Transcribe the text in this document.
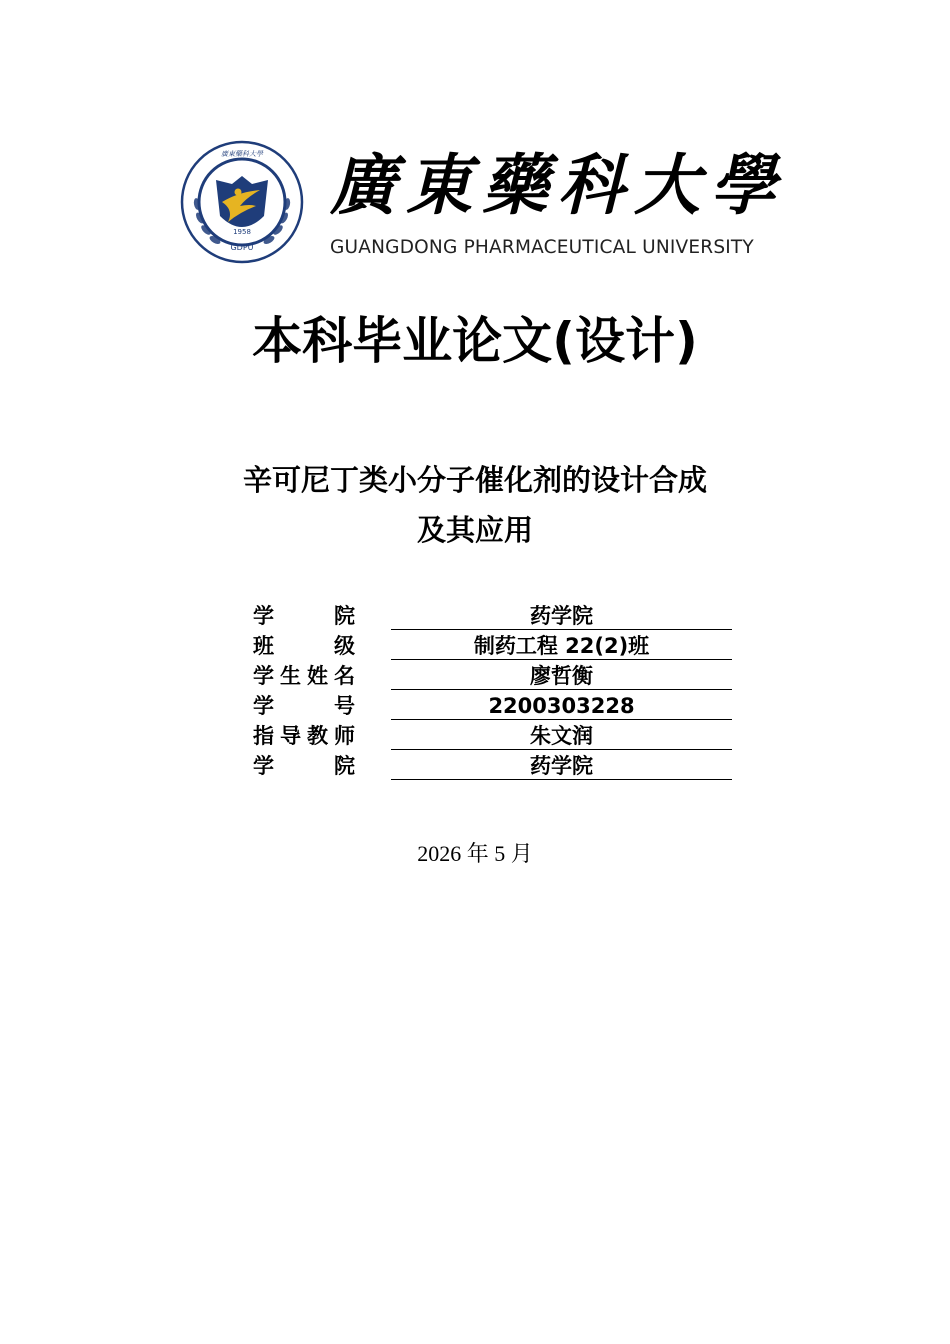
1958
GDPU
廣東藥科大學 廣東藥科大學
GUANGDONG PHARMACEUTICAL UNIVERSITY
本科毕业论文(设计)
辛可尼丁类小分子催化剂的设计合成
及其应用
学院	药学院
班级	制药工程 22(2)班
学生姓名	廖哲衡
学号	2200303228
指导教师	朱文润
学院	药学院
2026 年 5 月
